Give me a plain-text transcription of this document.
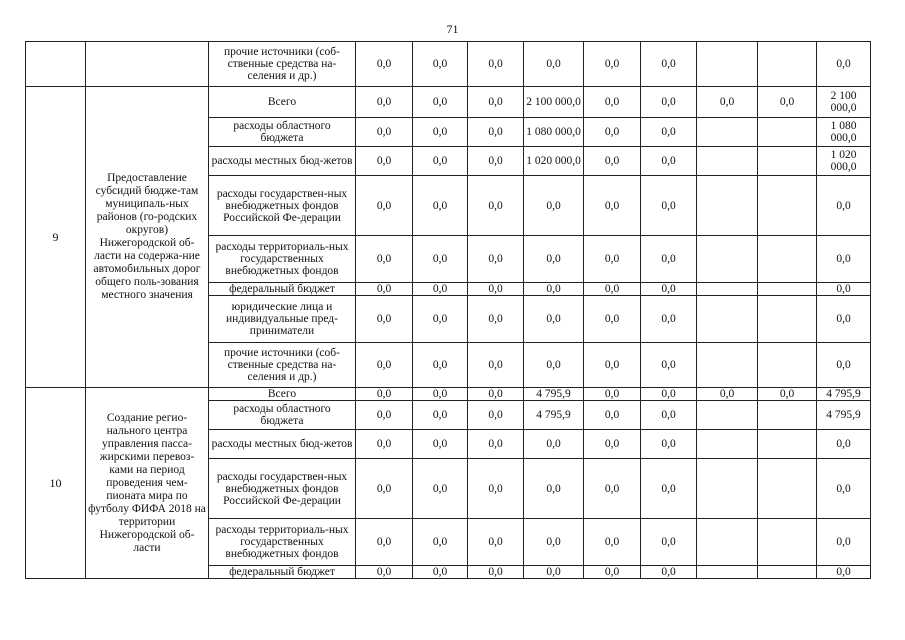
71
		прочие источники (соб-ственные средства на-селения и др.)	0,0	0,0	0,0	0,0	0,0	0,0			0,0
9	Предоставление субсидий бюдже-там муниципаль-ных районов (го-родских округов) Нижегородской об-ласти на содержа-ние автомобильных дорог общего поль-зования местного значения	Всего	0,0	0,0	0,0	2 100 000,0	0,0	0,0	0,0	0,0	2 100 000,0
		расходы областного бюджета	0,0	0,0	0,0	1 080 000,0	0,0	0,0			1 080 000,0
		расходы местных бюд-жетов	0,0	0,0	0,0	1 020 000,0	0,0	0,0			1 020 000,0
		расходы государствен-ных внебюджетных фондов Российской Фе-дерации	0,0	0,0	0,0	0,0	0,0	0,0			0,0
		расходы территориаль-ных государственных внебюджетных фондов	0,0	0,0	0,0	0,0	0,0	0,0			0,0
		федеральный бюджет	0,0	0,0	0,0	0,0	0,0	0,0			0,0
		юридические лица и индивидуальные пред-приниматели	0,0	0,0	0,0	0,0	0,0	0,0			0,0
		прочие источники (соб-ственные средства на-селения и др.)	0,0	0,0	0,0	0,0	0,0	0,0			0,0
10	Создание регио-нального центра управления пасса-жирскими перевоз-ками на период проведения чем-пионата мира по футболу ФИФА 2018 на территории Нижегородской об-ласти	Всего	0,0	0,0	0,0	4 795,9	0,0	0,0	0,0	0,0	4 795,9
		расходы областного бюджета	0,0	0,0	0,0	4 795,9	0,0	0,0			4 795,9
		расходы местных бюд-жетов	0,0	0,0	0,0	0,0	0,0	0,0			0,0
		расходы государствен-ных внебюджетных фондов Российской Фе-дерации	0,0	0,0	0,0	0,0	0,0	0,0			0,0
		расходы территориаль-ных государственных внебюджетных фондов	0,0	0,0	0,0	0,0	0,0	0,0			0,0
		федеральный бюджет	0,0	0,0	0,0	0,0	0,0	0,0			0,0
